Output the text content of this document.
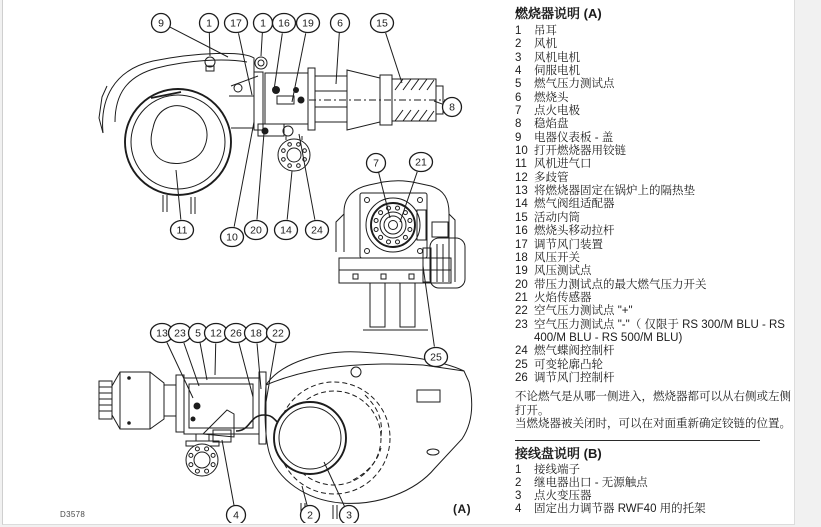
9	1 17 1 16 19 6	15
8
11
10
20 14 24
7	21
25
13 23 5 12 26 18 22
4	2	3
D3578	(A)

燃烧器说明 (A)

1	吊耳
2	风机
3	风机电机
4	伺服电机
5	燃气压力测试点
6	燃烧头
7	点火电极
8	稳焰盘
9	电器仪表板 - 盖
10 打开燃烧器用铰链
11 风机进气口
12 多歧管
13 将燃烧器固定在锅炉上的隔热垫
14 燃气阀组适配器
15 活动内筒
16 燃烧头移动拉杆
17 调节风门装置
18 风压开关
19 风压测试点
20 带压力测试点的最大燃气压力开关
21 火焰传感器
22 空气压力测试点 "+"
23 空气压力测试点 "-"（ 仅限于 RS 300/M BLU - RS 400/M BLU - RS 500/M BLU)
24 燃气蝶阀控制杆
25 可变轮廓凸轮
26 调节风门控制杆

不论燃气是从哪一侧进入，燃烧器都可以从右侧或左侧打开。

当燃烧器被关闭时，可以在对面重新确定铰链的位置。

接线盘说明 (B)

1	接线端子
2	继电器出口 - 无源触点
3	点火变压器
4	固定出力调节器 RWF40 用的托架
